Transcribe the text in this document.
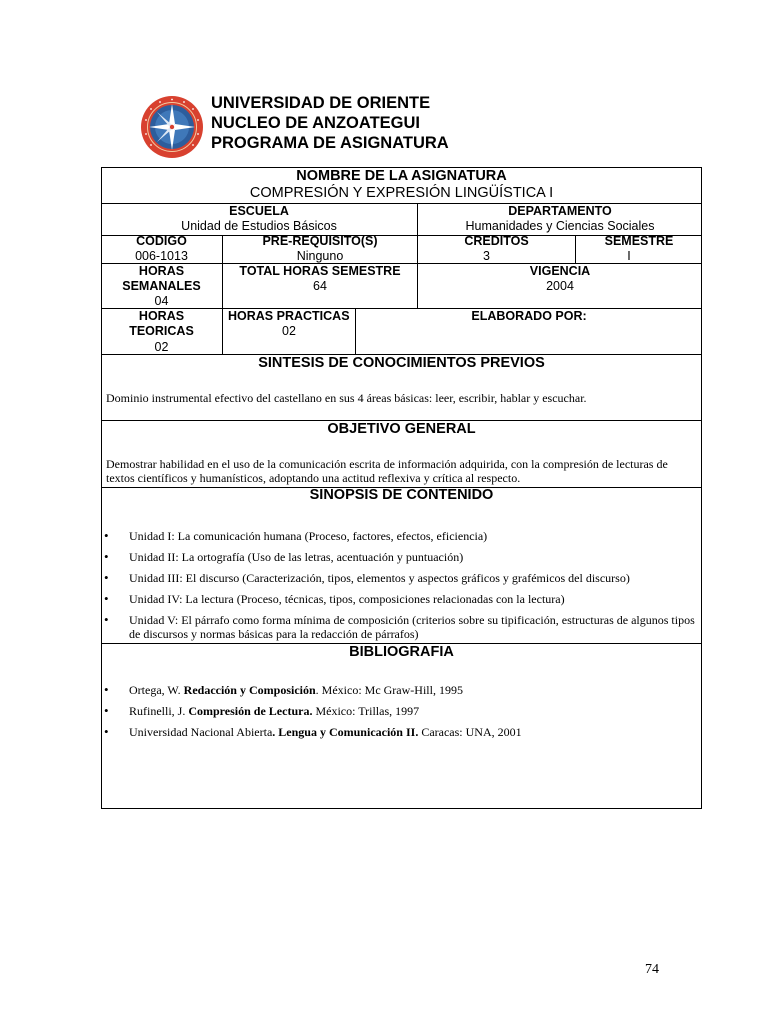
UNIVERSIDAD DE ORIENTE
NUCLEO DE ANZOATEGUI
PROGRAMA DE ASIGNATURA
NOMBRE DE LA ASIGNATURA
COMPRESIÓN Y EXPRESIÓN LINGÜÍSTICA I
ESCUELA
Unidad de Estudios Básicos
DEPARTAMENTO
Humanidades y Ciencias Sociales
CODIGO
006-1013
PRE-REQUISITO(S)
Ninguno
CREDITOS
3
SEMESTRE
I
HORAS
SEMANALES
04
TOTAL HORAS SEMESTRE
64
VIGENCIA
2004
HORAS
TEORICAS
02
HORAS PRACTICAS
02
ELABORADO POR:
SINTESIS DE CONOCIMIENTOS PREVIOS
Dominio instrumental efectivo del castellano en sus 4 áreas básicas: leer, escribir, hablar y escuchar.
OBJETIVO GENERAL
Demostrar habilidad en el uso de la comunicación escrita de información adquirida, con la compresión de lecturas de
textos científicos y humanísticos, adoptando una actitud reflexiva y crítica al respecto.
SINOPSIS DE CONTENIDO
• Unidad I: La comunicación humana (Proceso, factores, efectos, eficiencia)
• Unidad II: La ortografía (Uso de las letras, acentuación y puntuación)
• Unidad III: El discurso (Caracterización, tipos, elementos y aspectos gráficos y grafémicos del discurso)
• Unidad IV: La lectura (Proceso, técnicas, tipos, composiciones relacionadas con la lectura)
• Unidad V: El párrafo como forma mínima de composición (criterios sobre su tipificación, estructuras de algunos tipos de discursos y normas básicas para la redacción de párrafos)
BIBLIOGRAFIA
• Ortega, W. Redacción y Composición. México: Mc Graw-Hill, 1995
• Rufinelli, J. Compresión de Lectura. México: Trillas, 1997
• Universidad Nacional Abierta. Lengua y Comunicación II. Caracas: UNA, 2001
74
